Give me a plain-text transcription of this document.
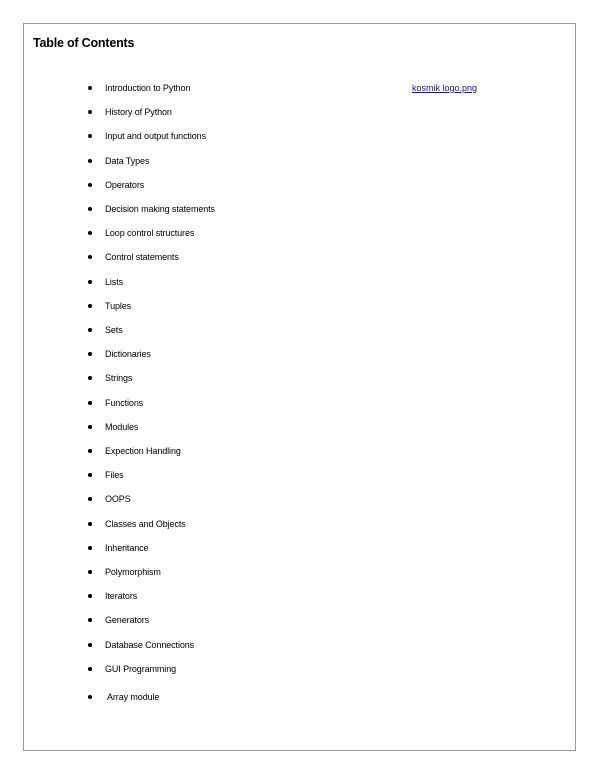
Table of Contents
kosmik logo.png
Introduction to Python
History of Python
Input and output functions
Data Types
Operators
Decision making statements
Loop control structures
Control statements
Lists
Tuples
Sets
Dictionaries
Strings
Functions
Modules
Expection Handling
Files
OOPS
Classes and Objects
Inheritance
Polymorphism
Iterators
Generators
Database Connections
GUI Programming
Array module
